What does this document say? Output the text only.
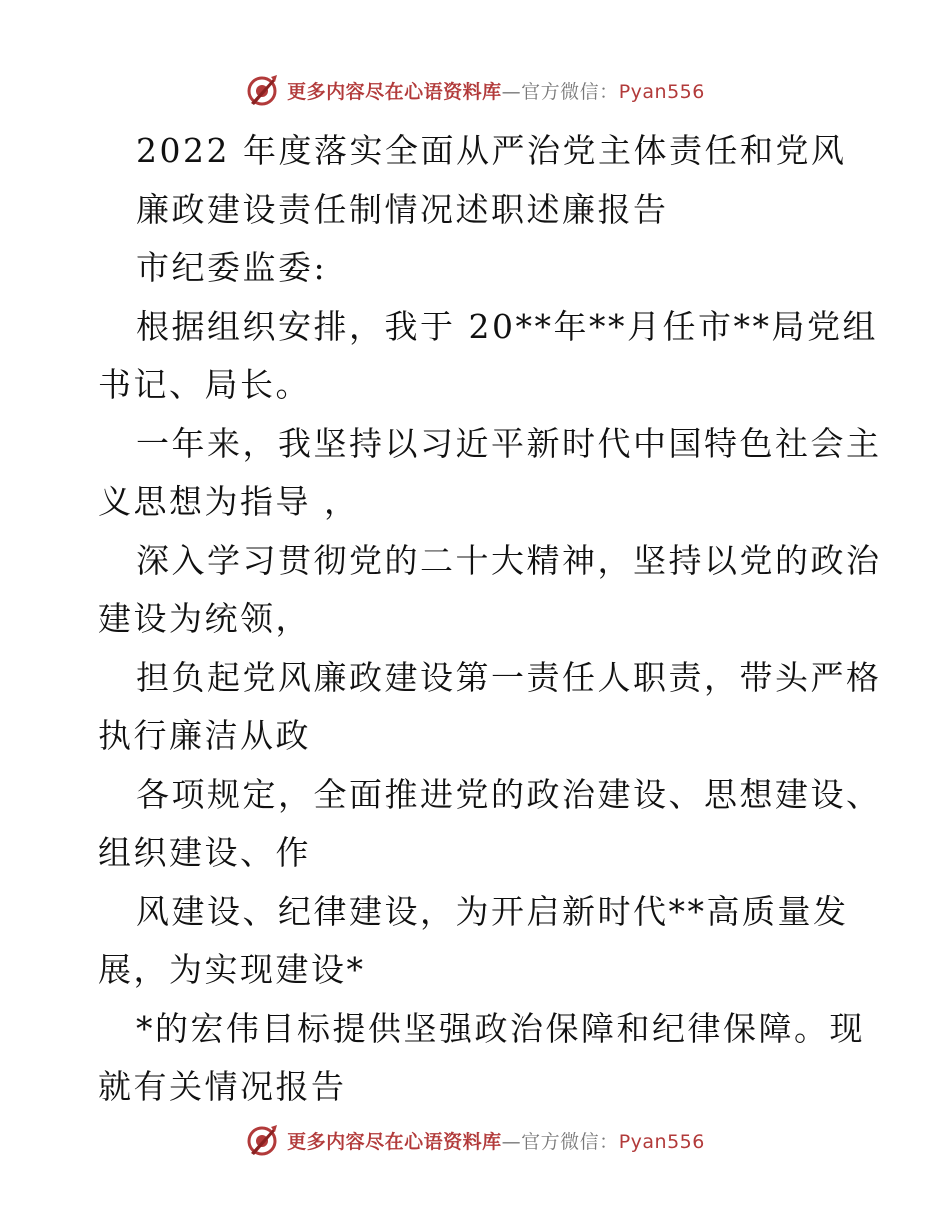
更多内容尽在心语资料库—官方微信：Pyan556
2022 年度落实全面从严治党主体责任和党风
廉政建设责任制情况述职述廉报告
市纪委监委:
根据组织安排，我于 20**年**月任市**局党组
书记、局长。
一年来，我坚持以习近平新时代中国特色社会主
义思想为指导 ，
深入学习贯彻党的二十大精神，坚持以党的政治
建设为统领，
担负起党风廉政建设第一责任人职责，带头严格
执行廉洁从政
各项规定，全面推进党的政治建设、思想建设、
组织建设、作
风建设、纪律建设，为开启新时代**高质量发
展，为实现建设*
*的宏伟目标提供坚强政治保障和纪律保障。现
就有关情况报告
更多内容尽在心语资料库—官方微信：Pyan556
